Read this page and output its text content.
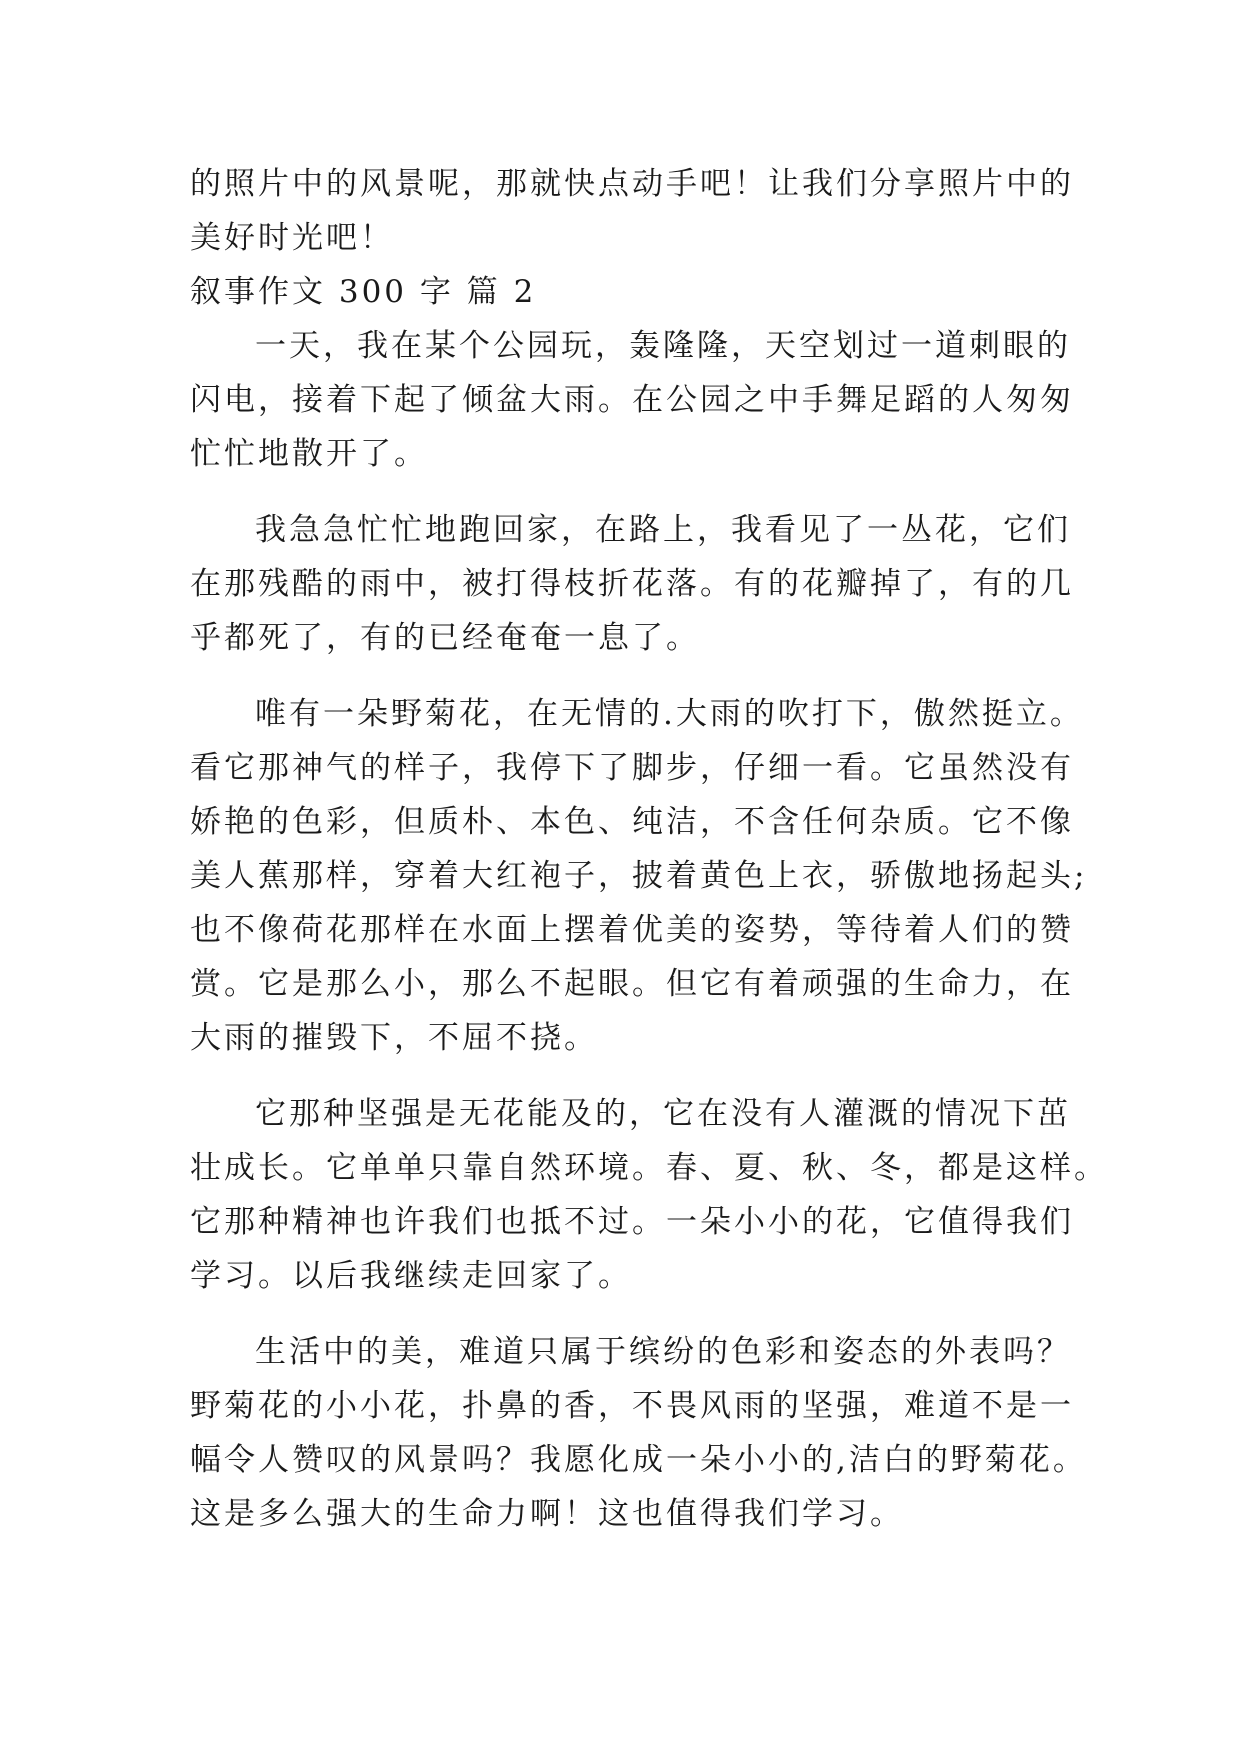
的照片中的风景呢，那就快点动手吧！让我们分享照片中的
美好时光吧！
叙事作文 300 字 篇 2
一天，我在某个公园玩，轰隆隆，天空划过一道刺眼的
闪电，接着下起了倾盆大雨。在公园之中手舞足蹈的人匆匆
忙忙地散开了。
我急急忙忙地跑回家，在路上，我看见了一丛花，它们
在那残酷的雨中，被打得枝折花落。有的花瓣掉了，有的几
乎都死了，有的已经奄奄一息了。
唯有一朵野菊花，在无情的.大雨的吹打下，傲然挺立。
看它那神气的样子，我停下了脚步，仔细一看。它虽然没有
娇艳的色彩，但质朴、本色、纯洁，不含任何杂质。它不像
美人蕉那样，穿着大红袍子，披着黄色上衣，骄傲地扬起头;
也不像荷花那样在水面上摆着优美的姿势，等待着人们的赞
赏。它是那么小，那么不起眼。但它有着顽强的生命力，在
大雨的摧毁下，不屈不挠。
它那种坚强是无花能及的，它在没有人灌溉的情况下茁
壮成长。它单单只靠自然环境。春、夏、秋、冬，都是这样。
它那种精神也许我们也抵不过。一朵小小的花，它值得我们
学习。以后我继续走回家了。
生活中的美，难道只属于缤纷的色彩和姿态的外表吗？
野菊花的小小花，扑鼻的香，不畏风雨的坚强，难道不是一
幅令人赞叹的风景吗？我愿化成一朵小小的,洁白的野菊花。
这是多么强大的生命力啊！这也值得我们学习。
